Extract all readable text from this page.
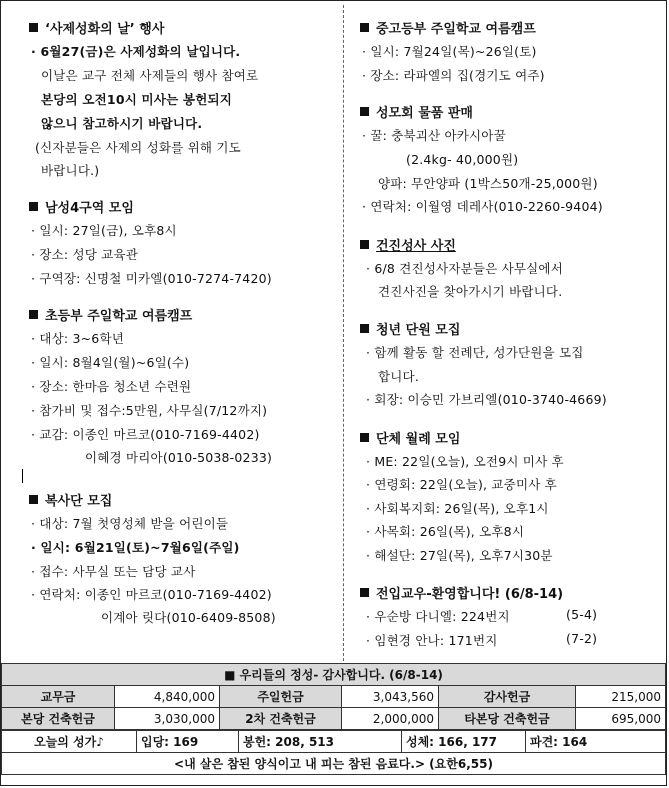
‘사제성화의 날’ 행사
· 6월27(금)은 사제성화의 날입니다.
이날은 교구 전체 사제들의 행사 참여로
본당의 오전10시 미사는 봉헌되지
않으니 참고하시기 바랍니다.
(신자분들은 사제의 성화를 위해 기도
바랍니다.)
남성4구역 모임
· 일시: 27일(금), 오후8시
· 장소: 성당 교육관
· 구역장: 신명철 미카엘(010-7274-7420)
초등부 주일학교 여름캠프
· 대상: 3~6학년
· 일시: 8월4일(월)~6일(수)
· 장소: 한마음 청소년 수련원
· 참가비 및 접수:5만원, 사무실(7/12까지)
· 교감: 이종인 마르코(010-7169-4402)
이혜경 마리아(010-5038-0233)
복사단 모집
· 대상: 7월 첫영성체 받을 어린이들
· 일시: 6월21일(토)~7월6일(주일)
· 접수: 사무실 또는 담당 교사
· 연락처: 이종인 마르코(010-7169-4402)
이계아 릿다(010-6409-8508)
중고등부 주일학교 여름캠프
· 일시: 7월24일(목)~26일(토)
· 장소: 라파엘의 집(경기도 여주)
성모회 물품 판매
· 꿀: 충북괴산 아카시아꿀
(2.4kg- 40,000원)
양파: 무안양파 (1박스50개-25,000원)
· 연락처: 이월영 데레사(010-2260-9404)
건진성사 사진
· 6/8 견진성사자분들은 사무실에서
견진사진을 찾아가시기 바랍니다.
청년 단원 모집
· 함께 활동 할 전례단, 성가단원을 모집
합니다.
· 회장: 이승민 가브리엘(010-3740-4669)
단체 월례 모임
· ME: 22일(오늘), 오전9시 미사 후
· 연령회: 22일(오늘), 교중미사 후
· 사회복지회: 26일(목), 오후1시
· 사목회: 26일(목), 오후8시
· 해설단: 27일(목), 오후7시30분
전입교우-환영합니다! (6/8-14)
· 우순방 다니엘: 224번지	(5-4)
· 임현경 안나: 171번지	(7-2)
■ 우리들의 정성- 감사합니다. (6/8-14)					
교무금	4,840,000	주일헌금	3,043,560	감사헌금	215,000
본당 건축헌금	3,030,000	2차 건축헌금	2,000,000	타본당 건축헌금	695,000
오늘의 성가♪	입당: 169	봉헌: 208, 513	성체: 166, 177	파견: 164
<내 살은 참된 양식이고 내 피는 참된 음료다.> (요한6,55)
